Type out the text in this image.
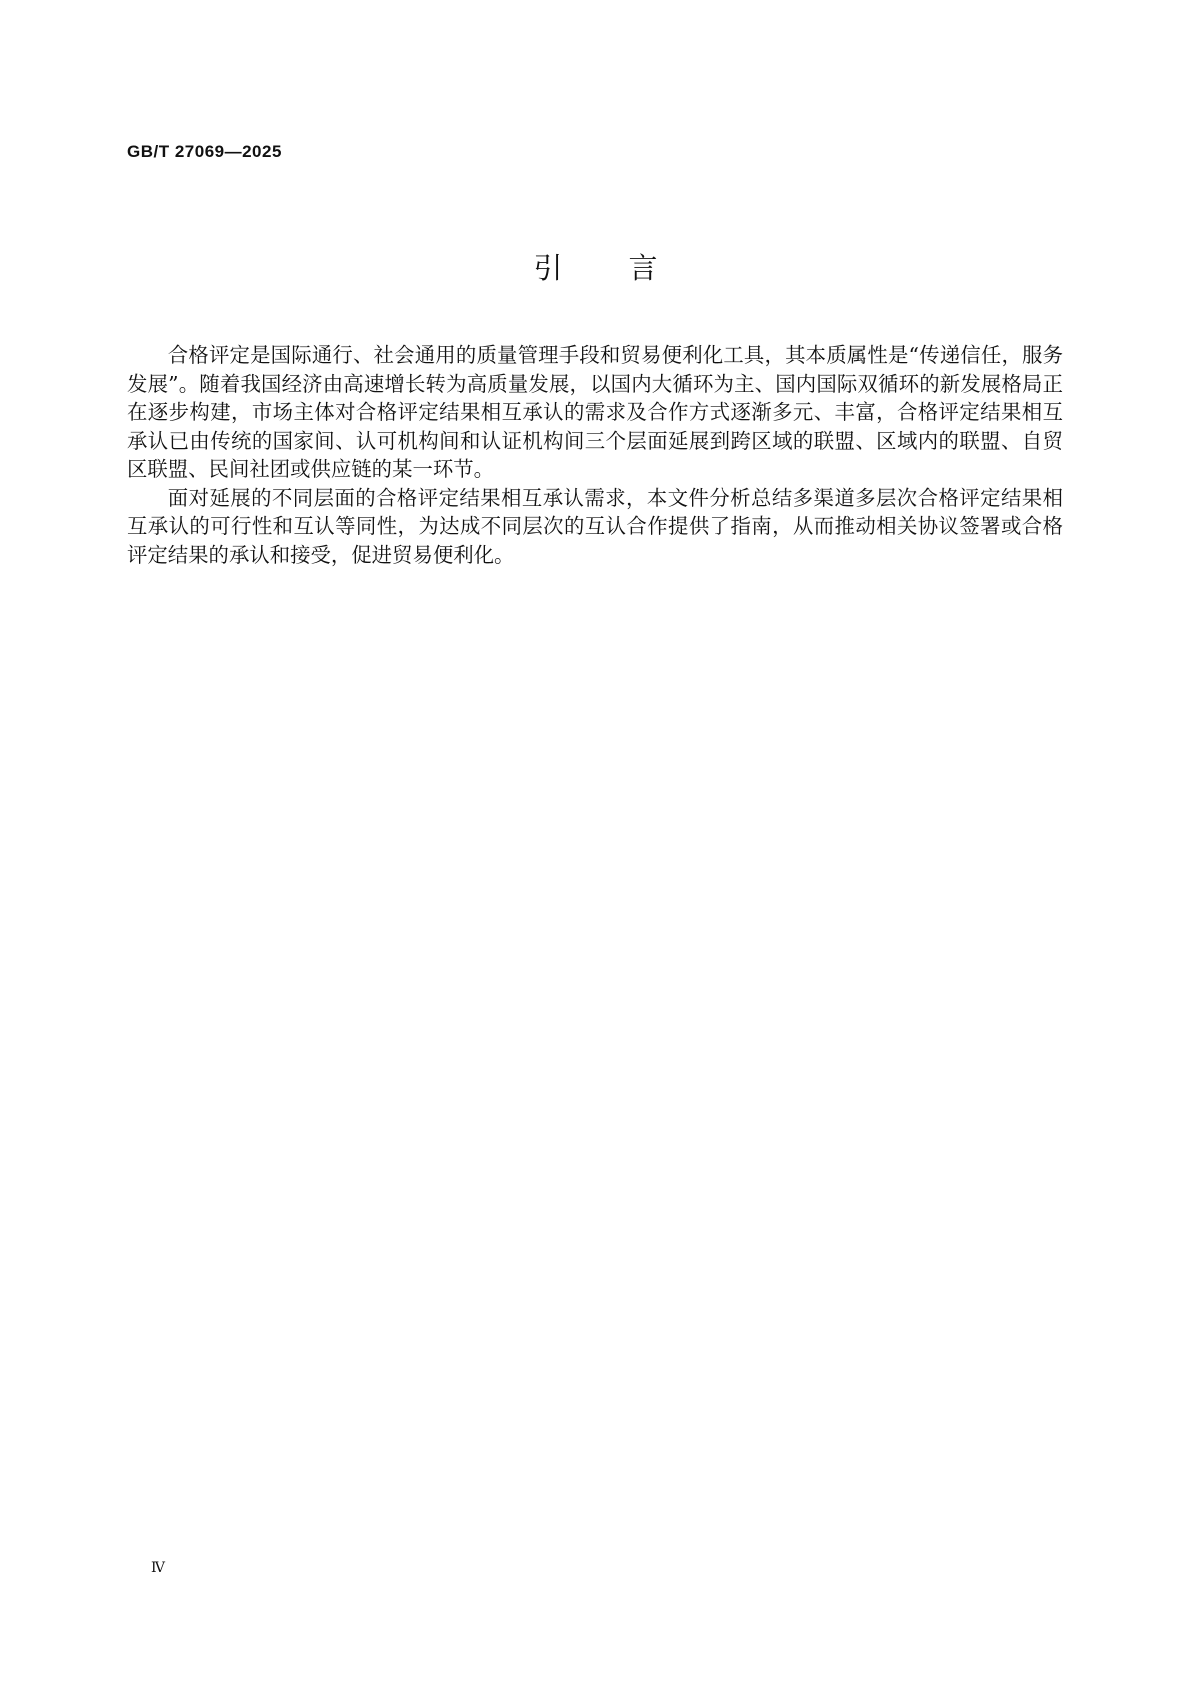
GB/T 27069—2025
引言

合格评定是国际通行、社会通用的质量管理手段和贸易便利化工具，其本质属性是“传递信任，服务发展”。随着我国经济由高速增长转为高质量发展，以国内大循环为主、国内国际双循环的新发展格局正在逐步构建，市场主体对合格评定结果相互承认的需求及合作方式逐渐多元、丰富，合格评定结果相互承认已由传统的国家间、认可机构间和认证机构间三个层面延展到跨区域的联盟、区域内的联盟、自贸区联盟、民间社团或供应链的某一环节。

面对延展的不同层面的合格评定结果相互承认需求，本文件分析总结多渠道多层次合格评定结果相互承认的可行性和互认等同性，为达成不同层次的互认合作提供了指南，从而推动相关协议签署或合格评定结果的承认和接受，促进贸易便利化。

Ⅳ
